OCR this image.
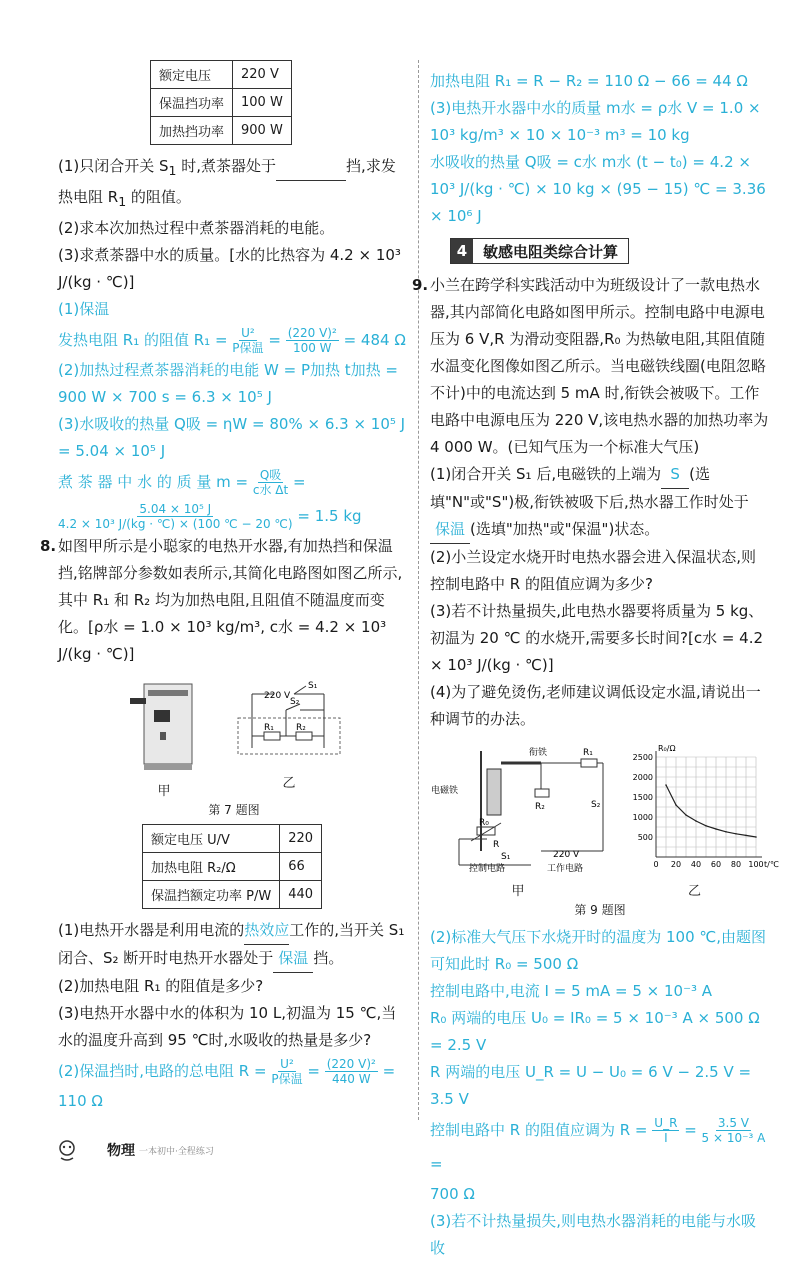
额定电压	220 V
保温挡功率	100 W
加热挡功率	900 W

(1)只闭合开关 $S_1$ 时,煮茶器处于	挡,求发热电阻 $R_1$ 的阻值。

(2)求本次加热过程中煮茶器消耗的电能。

(3)求煮茶器中水的质量。[水的比热容为 4.2 × 10³ J/(kg · ℃)]

(1)保温

发热电阻 R₁ 的阻值 $R_1 = \frac{\text{U²}}{\text{P保温}} = \frac{\text{(220 V)²}}{100 W} = 484$ Ω

(2)加热过程煮茶器消耗的电能 W = P加热 t加热 = 900 W × 700 s = 6.3 × 10⁵ J

(3)水吸收的热量 Q吸 = ηW = 80% × 6.3 × 10⁵ J = 5.04 × 10⁵ J

煮 茶 器 中 水 的 质 量 $m = \frac{\text{Q吸}}{\text{c水 Δt}}$ =

$\frac{\text{5.04 × 10⁵ J}}{\text{4.2 × 10³ J/(kg · ℃) × (100 ℃ − 20 ℃)}} = 1.5$ kg

8. 如图甲所示是小聪家的电热开水器,有加热挡和保温挡,铭牌部分参数如表所示,其简化电路图如图乙所示,其中 R₁ 和 R₂ 均为加热电阻,且阻值不随温度而变化。[ρ水 = 1.0 × 10³ kg/m³, c水 = 4.2 × 10³ J/(kg · ℃)]

甲
220 V
S₁
S₂
R₁ R₂
乙
第 7 题图
额定电压 U/V	220
加热电阻 R₂/Ω	66
保温挡额定功率 P/W	440

(1)电热开水器是利用电流的热效应工作的,当开关 S₁ 闭合、S₂ 断开时电热开水器处于 保温 挡。

(2)加热电阻 R₁ 的阻值是多少?

(3)电热开水器中水的体积为 10 L,初温为 15 ℃,当水的温度升高到 95 ℃时,水吸收的热量是多少?

(2)保温挡时,电路的总电阻 $R = \frac{\text{U²}}{\text{P保温}} = \frac{\text{(220 V)²}}{440 W}$ =

110 Ω

加热电阻 R₁ = R − R₂ = 110 Ω − 66 = 44 Ω

(3)电热开水器中水的质量 m水 = ρ水 V = 1.0 × 10³ kg/m³ × 10 × 10⁻³ m³ = 10 kg

水吸收的热量 Q吸 = c水 m水 (t − t₀) = 4.2 × 10³ J/(kg · ℃) × 10 kg × (95 − 15) ℃ = 3.36 × 10⁶ J

4	敏感电阻类综合计算

9. 小兰在跨学科实践活动中为班级设计了一款电热水器,其内部简化电路如图甲所示。控制电路中电源电压为 6 V,R 为滑动变阻器,R₀ 为热敏电阻,其阻值随水温变化图像如图乙所示。当电磁铁线圈(电阻忽略不计)中的电流达到 5 mA 时,衔铁会被吸下。工作电路中电源电压为 220 V,该电热水器的加热功率为 4 000 W。(已知气压为一个标准大气压)

(1)闭合开关 S₁ 后,电磁铁的上端为 S (选填"N"或"S")极,衔铁被吸下后,热水器工作时处于保温 (选填"加热"或"保温")状态。

(2)小兰设定水烧开时电热水器会进入保温状态,则控制电路中 R 的阻值应调为多少?

(3)若不计热量损失,此电热水器要将质量为 5 kg、初温为 20 ℃ 的水烧开,需要多长时间?[c水 = 4.2 × 10³ J/(kg · ℃)]

(4)为了避免烫伤,老师建议调低设定水温,请说出一种调节的办法。

衔铁
电磁铁
控制电路	工作电路
220 V
R₁
R₂
R₀
R
S₁
S₂
甲
0 20 40 60 80 100
500
1000
1500
2000
2500
t/℃
R₀/Ω
乙
第 9 题图

(2)标准大气压下水烧开时的温度为 100 ℃,由题图可知此时 R₀ = 500 Ω

控制电路中,电流 I = 5 mA = 5 × 10⁻³ A

R₀ 两端的电压 U₀ = IR₀ = 5 × 10⁻³ A × 500 Ω = 2.5 V

R 两端的电压 U_R = U − U₀ = 6 V − 2.5 V = 3.5 V

控制电路中 R 的阻值应调为 $R = \frac{U\_R}{I} = \frac{3.5 V}{\text{5 × 10⁻³ A}}$
=

700 Ω

(3)若不计热量损失,则电热水器消耗的电能与水吸收

物理 一本初中·全程练习
